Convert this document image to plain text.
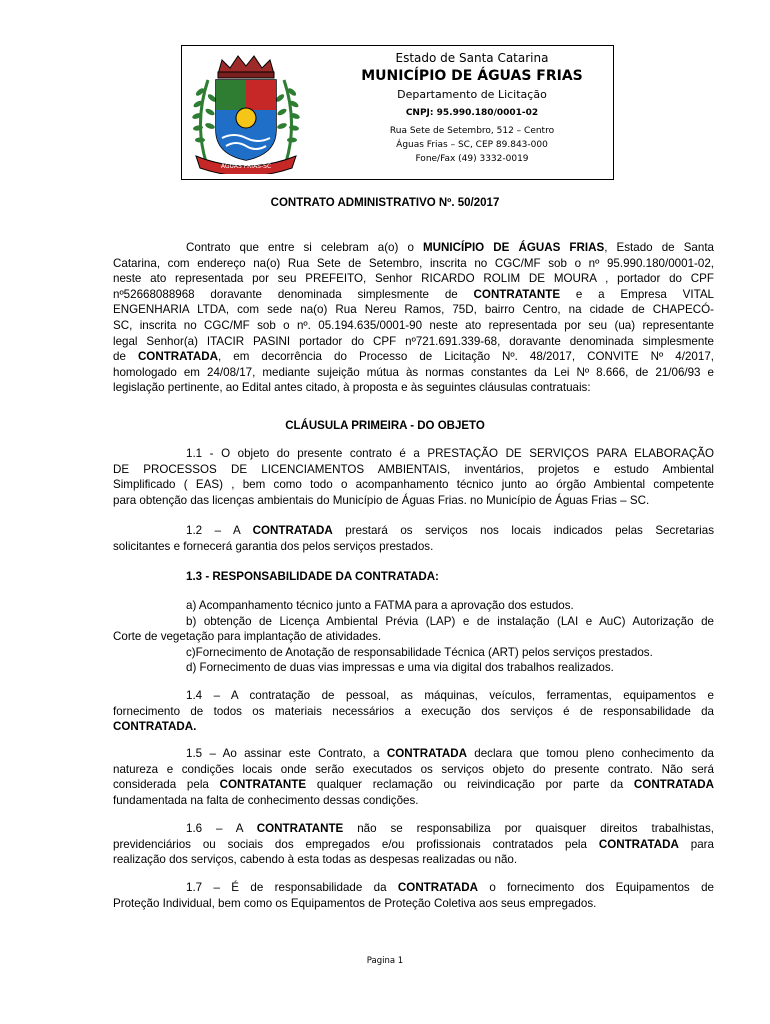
ÁGUAS FRIAS-SC
Estado de Santa Catarina
MUNICÍPIO DE ÁGUAS FRIAS
Departamento de Licitação
CNPJ: 95.990.180/0001-02
Rua Sete de Setembro, 512 – Centro
Águas Frias – SC, CEP 89.843-000
Fone/Fax (49) 3332-0019
CONTRATO ADMINISTRATIVO Nº. 50/2017
Contrato que entre si celebram a(o) o MUNICÍPIO DE ÁGUAS FRIAS, Estado de Santa
Catarina, com endereço na(o) Rua Sete de Setembro, inscrita no CGC/MF sob o nº 95.990.180/0001-02,
neste ato representada por seu PREFEITO, Senhor RICARDO ROLIM DE MOURA , portador do CPF
nº52668088968 doravante denominada simplesmente de CONTRATANTE e a Empresa VITAL
ENGENHARIA LTDA, com sede na(o) Rua Nereu Ramos, 75D, bairro Centro, na cidade de CHAPECÓ-
SC, inscrita no CGC/MF sob o nº. 05.194.635/0001-90 neste ato representada por seu (ua) representante
legal Senhor(a) ITACIR PASINI portador do CPF nº721.691.339-68, doravante denominada simplesmente
de CONTRATADA, em decorrência do Processo de Licitação Nº. 48/2017, CONVITE Nº 4/2017,
homologado em 24/08/17, mediante sujeição mútua às normas constantes da Lei Nº 8.666, de 21/06/93 e
legislação pertinente, ao Edital antes citado, à proposta e às seguintes cláusulas contratuais:
CLÁUSULA PRIMEIRA - DO OBJETO
1.1 - O objeto do presente contrato é a PRESTAÇÃO DE SERVIÇOS PARA ELABORAÇÃO
DE PROCESSOS DE LICENCIAMENTOS AMBIENTAIS, inventários, projetos e estudo Ambiental
Simplificado ( EAS) , bem como todo o acompanhamento técnico junto ao órgão Ambiental competente
para obtenção das licenças ambientais do Município de Águas Frias. no Município de Águas Frias – SC.
1.2 – A CONTRATADA prestará os serviços nos locais indicados pelas Secretarias
solicitantes e fornecerá garantia dos pelos serviços prestados.
1.3 - RESPONSABILIDADE DA CONTRATADA:
a) Acompanhamento técnico junto a FATMA para a aprovação dos estudos.
b) obtenção de Licença Ambiental Prévia (LAP) e de instalação (LAI e AuC) Autorização de
Corte de vegetação para implantação de atividades.
c)Fornecimento de Anotação de responsabilidade Técnica (ART) pelos serviços prestados.
d) Fornecimento de duas vias impressas e uma via digital dos trabalhos realizados.
1.4 – A contratação de pessoal, as máquinas, veículos, ferramentas, equipamentos e
fornecimento de todos os materiais necessários a execução dos serviços é de responsabilidade da
CONTRATADA.
1.5 – Ao assinar este Contrato, a CONTRATADA declara que tomou pleno conhecimento da
natureza e condições locais onde serão executados os serviços objeto do presente contrato. Não será
considerada pela CONTRATANTE qualquer reclamação ou reivindicação por parte da CONTRATADA
fundamentada na falta de conhecimento dessas condições.
1.6 – A CONTRATANTE não se responsabiliza por quaisquer direitos trabalhistas,
previdenciários ou sociais dos empregados e/ou profissionais contratados pela CONTRATADA para
realização dos serviços, cabendo à esta todas as despesas realizadas ou não.
1.7 – É de responsabilidade da CONTRATADA o fornecimento dos Equipamentos de
Proteção Individual, bem como os Equipamentos de Proteção Coletiva aos seus empregados.
Pagina 1
